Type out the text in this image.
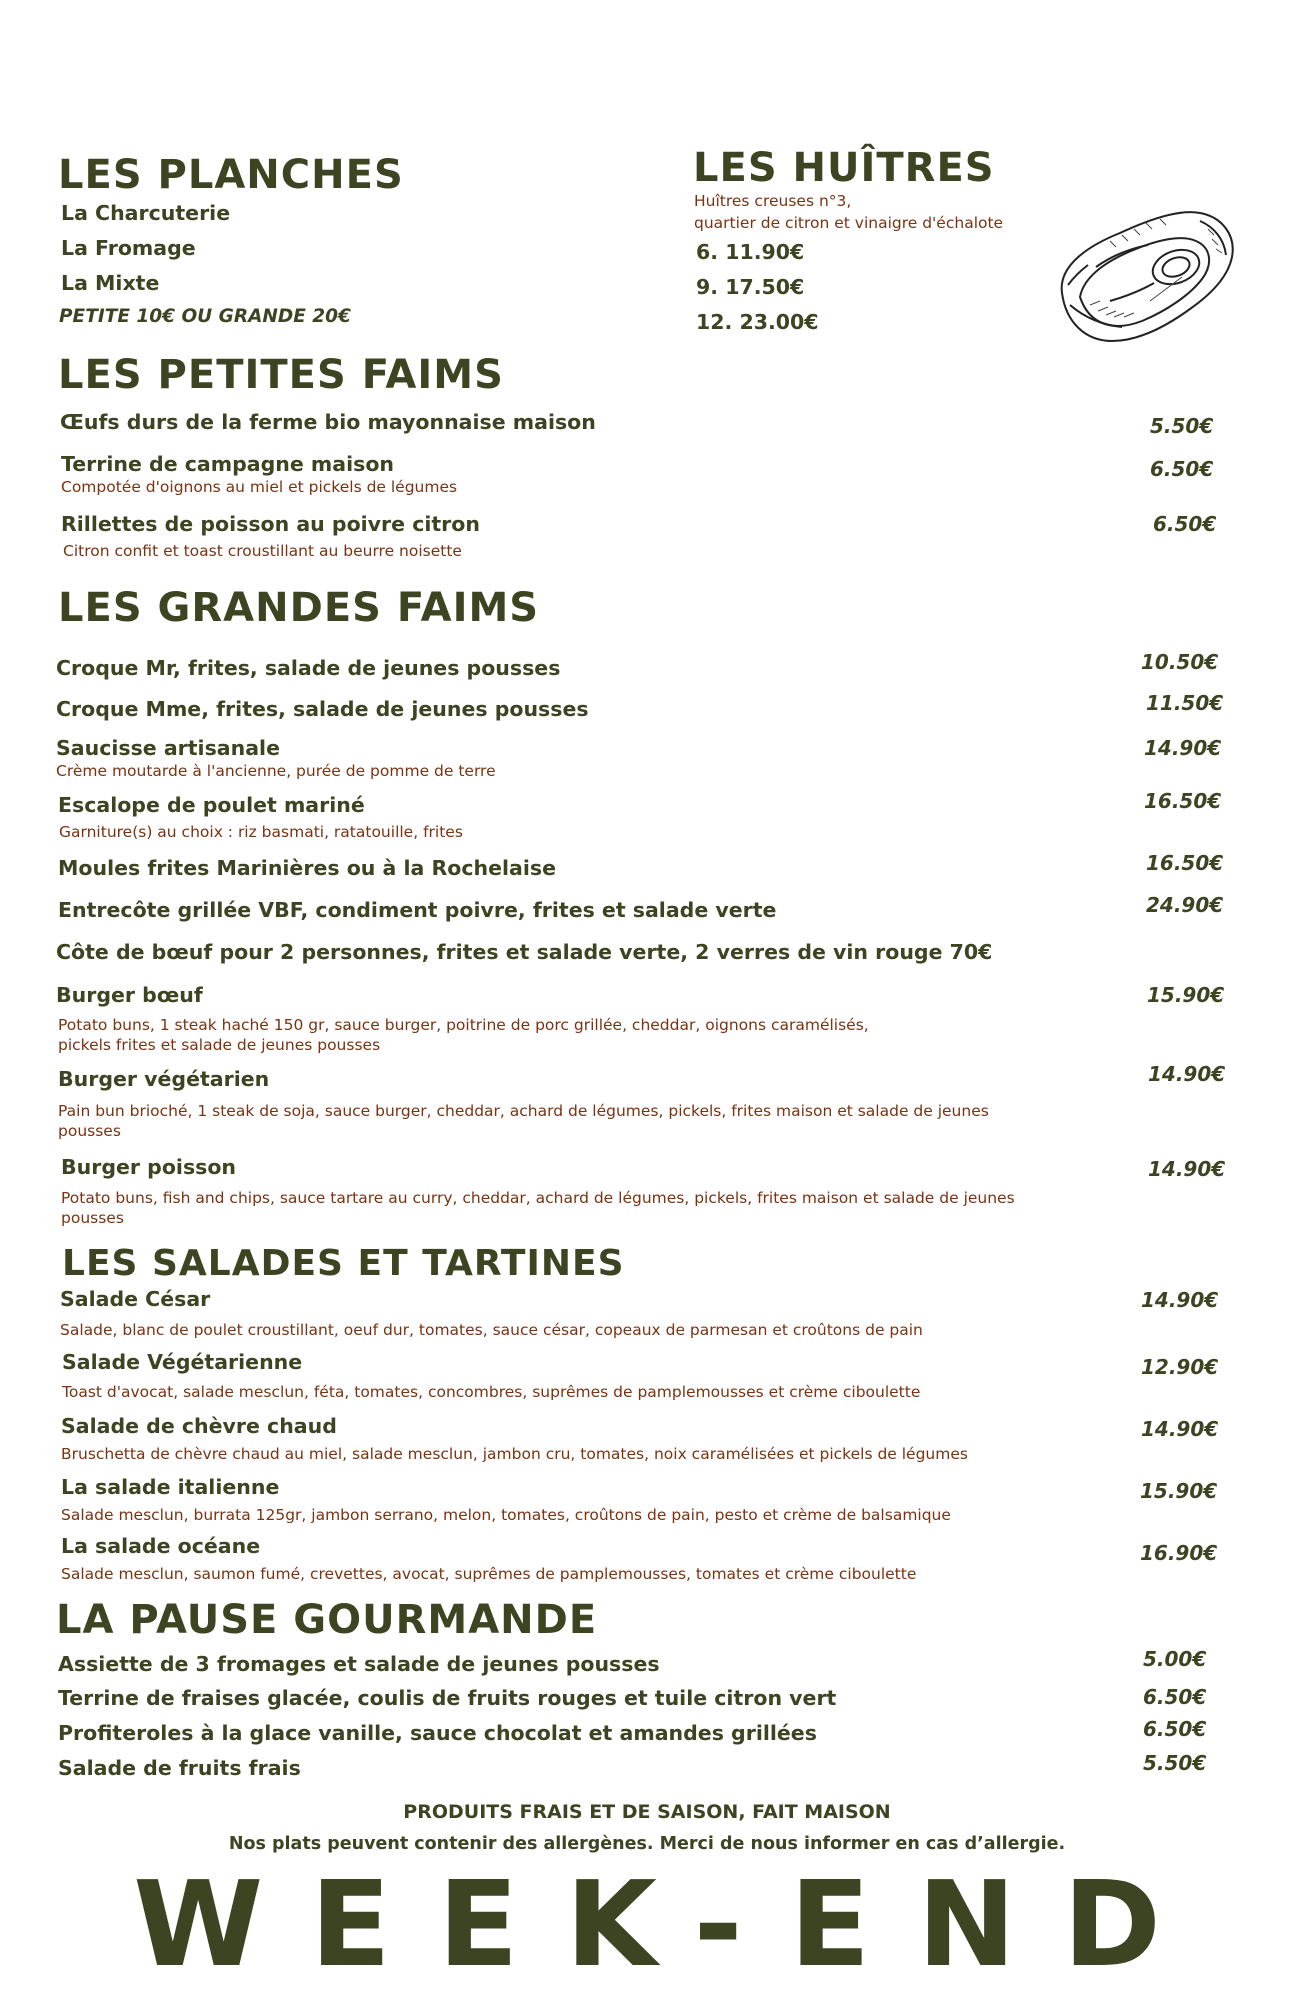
LES PLANCHES
La Charcuterie
La Fromage
La Mixte
PETITE 10€ OU GRANDE 20€
LES HUÎTRES
Huîtres creuses n°3,
quartier de citron et vinaigre d'échalote
6. 11.90€
9. 17.50€
12. 23.00€
LES PETITES FAIMS
Œufs durs de la ferme bio mayonnaise maison	5.50€
Terrine de campagne maison
Compotée d'oignons au miel et pickels de légumes
6.50€
Rillettes de poisson au poivre citron
Citron confit et toast croustillant au beurre noisette
6.50€
LES GRANDES FAIMS
Croque Mr, frites, salade de jeunes pousses	10.50€
Croque Mme, frites, salade de jeunes pousses	11.50€
Saucisse artisanale
Crème moutarde à l'ancienne, purée de pomme de terre
14.90€
Escalope de poulet mariné
Garniture(s) au choix : riz basmati, ratatouille, frites
16.50€
Moules frites Marinières ou à la Rochelaise	16.50€
Entrecôte grillée VBF, condiment poivre, frites et salade verte	24.90€
Côte de bœuf pour 2 personnes, frites et salade verte, 2 verres de vin rouge 70€
Burger bœuf
Potato buns, 1 steak haché 150 gr, sauce burger, poitrine de porc grillée, cheddar, oignons caramélisés, pickels frites et salade de jeunes pousses
15.90€
Burger végétarien
Pain bun brioché, 1 steak de soja, sauce burger, cheddar, achard de légumes, pickels, frites maison et salade de jeunes pousses
14.90€
Burger poisson
Potato buns, fish and chips, sauce tartare au curry, cheddar, achard de légumes, pickels, frites maison et salade de jeunes pousses
14.90€
LES SALADES ET TARTINES
Salade César
Salade, blanc de poulet croustillant, oeuf dur, tomates, sauce césar, copeaux de parmesan et croûtons de pain
14.90€
Salade Végétarienne
Toast d'avocat, salade mesclun, féta, tomates, concombres, suprêmes de pamplemousses et crème ciboulette
12.90€
Salade de chèvre chaud
Bruschetta de chèvre chaud au miel, salade mesclun, jambon cru, tomates, noix caramélisées et pickels de légumes
14.90€
La salade italienne
Salade mesclun, burrata 125gr, jambon serrano, melon, tomates, croûtons de pain, pesto et crème de balsamique
15.90€
La salade océane
Salade mesclun, saumon fumé, crevettes, avocat, suprêmes de pamplemousses, tomates et crème ciboulette
16.90€
LA PAUSE GOURMANDE
Assiette de 3 fromages et salade de jeunes pousses	5.00€
Terrine de fraises glacée, coulis de fruits rouges et tuile citron vert	6.50€
Profiteroles à la glace vanille, sauce chocolat et amandes grillées	6.50€
Salade de fruits frais	5.50€
PRODUITS FRAIS ET DE SAISON, FAIT MAISON
Nos plats peuvent contenir des allergènes. Merci de nous informer en cas d’allergie.
WEEK-END
